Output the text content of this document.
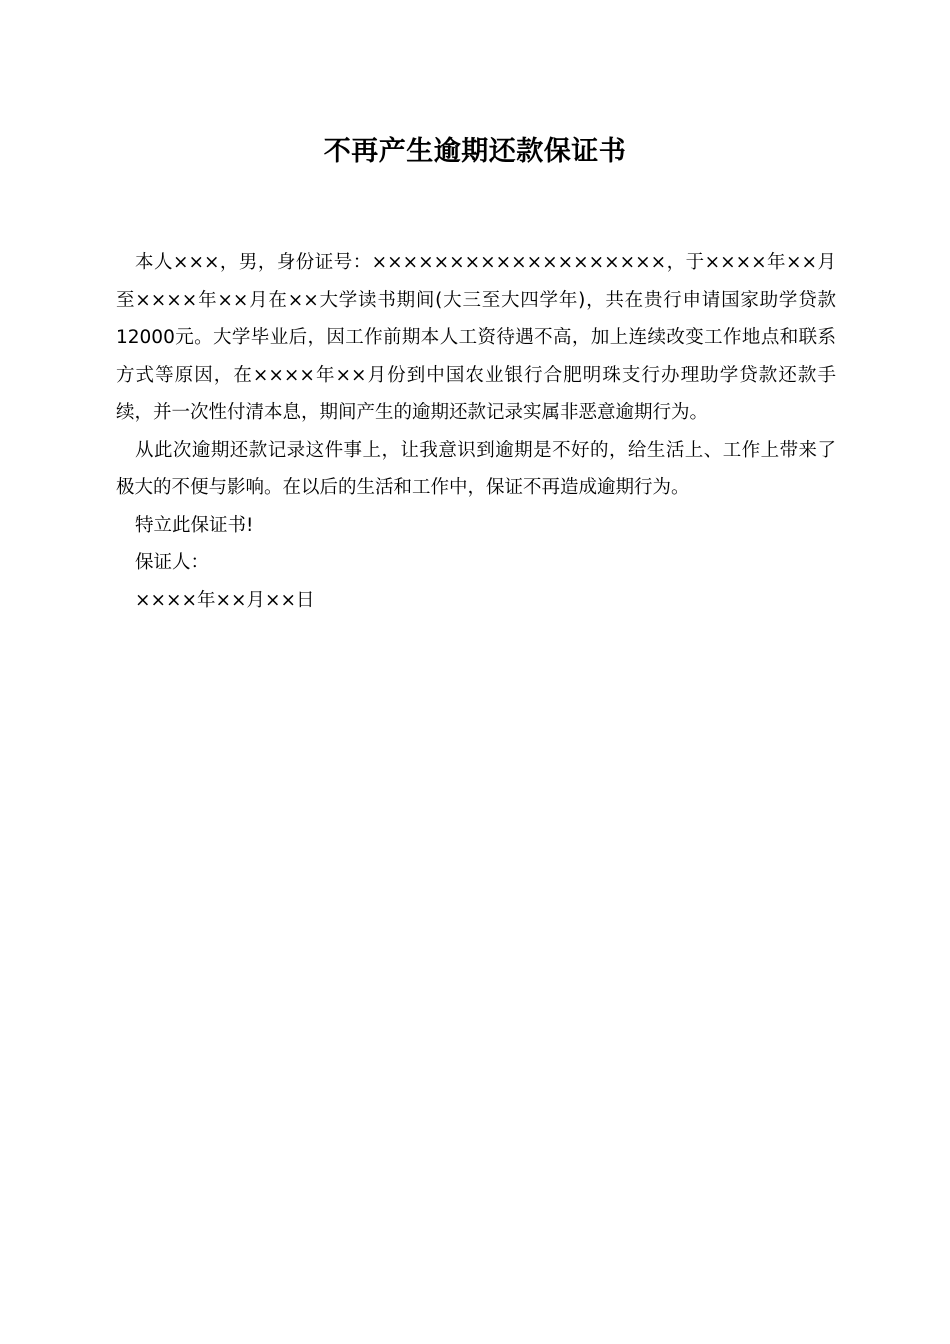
不再产生逾期还款保证书

本人×××，男，身份证号：×××××××××××××××××××，于××××年××月至××××年××月在××大学读书期间(大三至大四学年)，共在贵行申请国家助学贷款12000元。大学毕业后，因工作前期本人工资待遇不高，加上连续改变工作地点和联系方式等原因，在××××年××月份到中国农业银行合肥明珠支行办理助学贷款还款手续，并一次性付清本息，期间产生的逾期还款记录实属非恶意逾期行为。

从此次逾期还款记录这件事上，让我意识到逾期是不好的，给生活上、工作上带来了极大的不便与影响。在以后的生活和工作中，保证不再造成逾期行为。

特立此保证书!

保证人：

××××年××月××日
